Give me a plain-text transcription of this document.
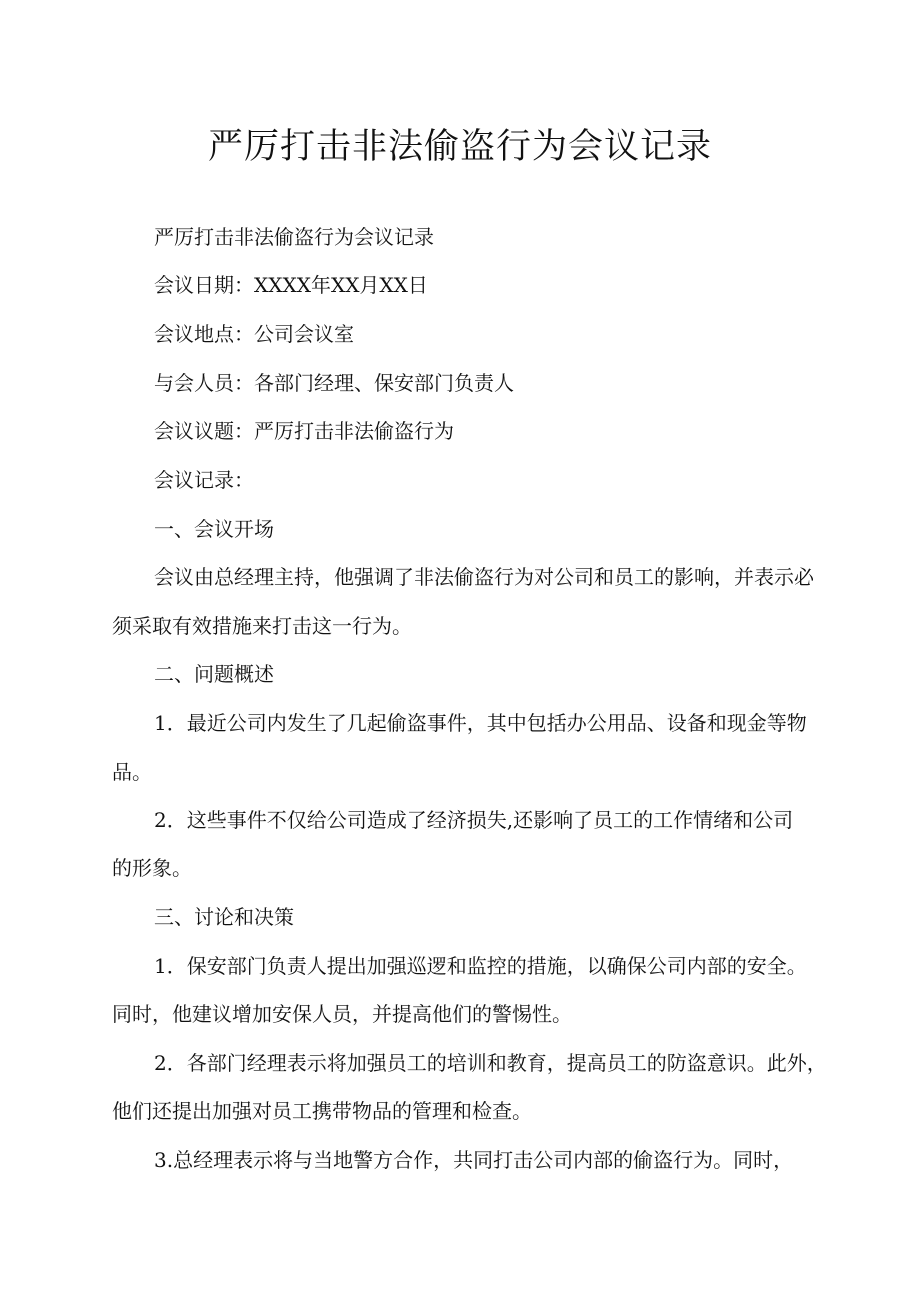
严厉打击非法偷盗行为会议记录

严厉打击非法偷盗行为会议记录

会议日期：XXXX年XX月XX日

会议地点：公司会议室

与会人员：各部门经理、保安部门负责人

会议议题：严厉打击非法偷盗行为

会议记录：

一、会议开场

会议由总经理主持，他强调了非法偷盗行为对公司和员工的影响，并表示必

须采取有效措施来打击这一行为。

二、问题概述

1．最近公司内发生了几起偷盗事件，其中包括办公用品、设备和现金等物

品。

2．这些事件不仅给公司造成了经济损失,还影响了员工的工作情绪和公司

的形象。

三、讨论和决策

1．保安部门负责人提出加强巡逻和监控的措施，以确保公司内部的安全。

同时，他建议增加安保人员，并提高他们的警惕性。

2．各部门经理表示将加强员工的培训和教育，提高员工的防盗意识。此外，

他们还提出加强对员工携带物品的管理和检查。

3.总经理表示将与当地警方合作，共同打击公司内部的偷盗行为。同时，
